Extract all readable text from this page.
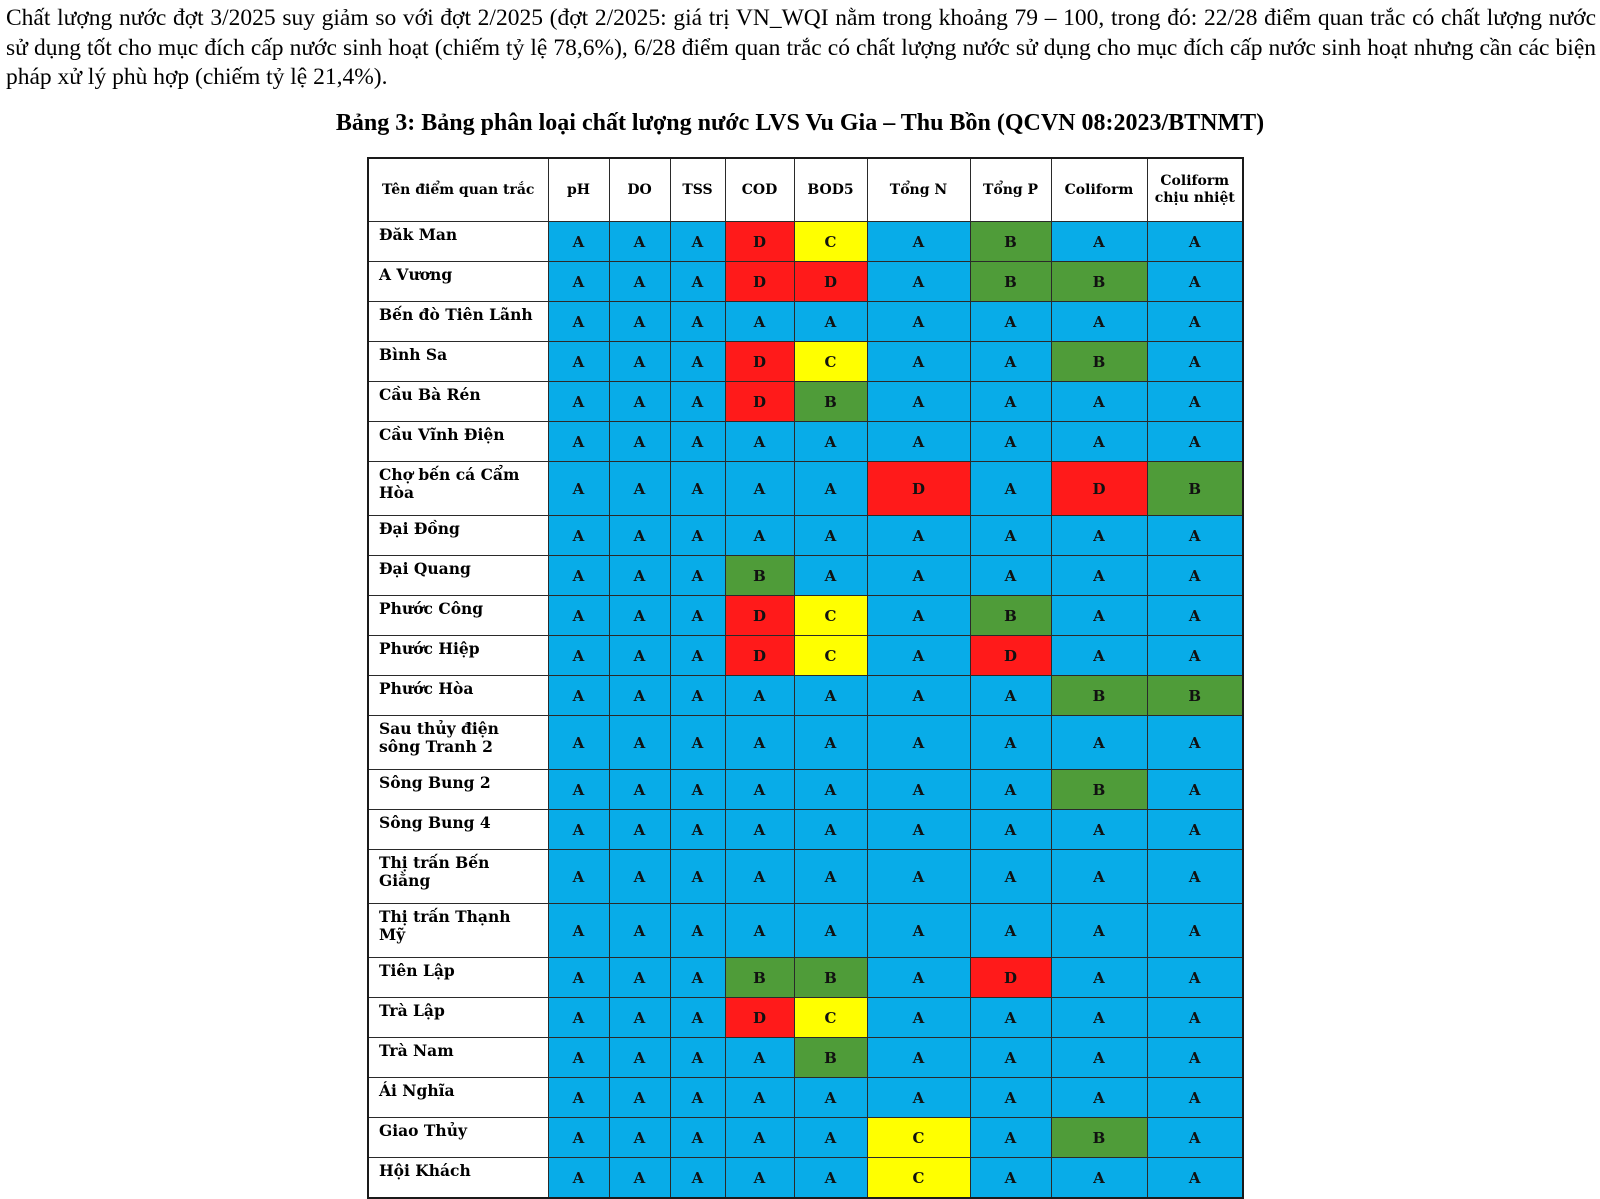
Chất lượng nước đợt 3/2025 suy giảm so với đợt 2/2025 (đợt 2/2025: giá trị VN_WQI nằm trong khoảng 79 – 100, trong đó: 22/28 điểm quan trắc có chất lượng nước sử dụng tốt cho mục đích cấp nước sinh hoạt (chiếm tỷ lệ 78,6%), 6/28 điểm quan trắc có chất lượng nước sử dụng cho mục đích cấp nước sinh hoạt nhưng cần các biện pháp xử lý phù hợp (chiếm tỷ lệ 21,4%).

Bảng 3: Bảng phân loại chất lượng nước LVS Vu Gia – Thu Bồn (QCVN 08:2023/BTNMT)

Tên điểm quan trắc	pH	DO	TSS	COD	BOD5	Tổng N	Tổng P	Coliform	Coliform chịu nhiệt
Đăk Man	A	A	A	D	C	A	B	A	A
A Vương	A	A	A	D	D	A	B	B	A
Bến đò Tiên Lãnh	A	A	A	A	A	A	A	A	A
Bình Sa	A	A	A	D	C	A	A	B	A
Cầu Bà Rén	A	A	A	D	B	A	A	A	A
Cầu Vĩnh Điện	A	A	A	A	A	A	A	A	A
Chợ bến cá Cẩm Hòa	A	A	A	A	A	D	A	D	B
Đại Đồng	A	A	A	A	A	A	A	A	A
Đại Quang	A	A	A	B	A	A	A	A	A
Phước Công	A	A	A	D	C	A	B	A	A
Phước Hiệp	A	A	A	D	C	A	D	A	A
Phước Hòa	A	A	A	A	A	A	A	B	B
Sau thủy điện sông Tranh 2	A	A	A	A	A	A	A	A	A
Sông Bung 2	A	A	A	A	A	A	A	B	A
Sông Bung 4	A	A	A	A	A	A	A	A	A
Thị trấn Bến Giằng	A	A	A	A	A	A	A	A	A
Thị trấn Thạnh Mỹ	A	A	A	A	A	A	A	A	A
Tiên Lập	A	A	A	B	B	A	D	A	A
Trà Lập	A	A	A	D	C	A	A	A	A
Trà Nam	A	A	A	A	B	A	A	A	A
Ái Nghĩa	A	A	A	A	A	A	A	A	A
Giao Thủy	A	A	A	A	A	C	A	B	A
Hội Khách	A	A	A	A	A	C	A	A	A
